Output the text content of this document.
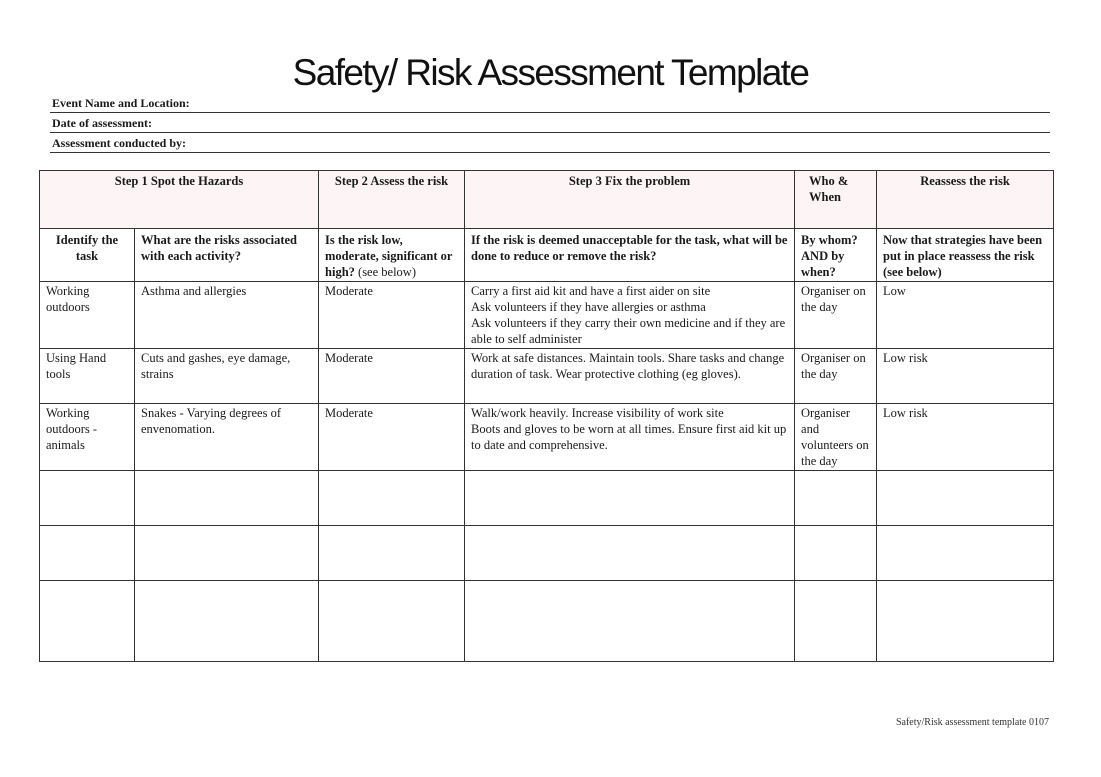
Safety/ Risk Assessment Template
Event Name and Location:
Date of assessment:
Assessment conducted by:
Step 1 Spot the Hazards		Step 2 Assess the risk	Step 3 Fix the problem	Who & When	Reassess the risk
Identify the task	What are the risks associated with each activity?	Is the risk low, moderate, significant or high? (see below)	If the risk is deemed unacceptable for the task, what will be done to reduce or remove the risk?	By whom? AND by when?	Now that strategies have been put in place reassess the risk (see below)
Working outdoors	Asthma and allergies	Moderate	Carry a first aid kit and have a first aider on site
Ask volunteers if they have allergies or asthma
Ask volunteers if they carry their own medicine and if they are able to self administer	Organiser on the day	Low
Using Hand tools	Cuts and gashes, eye damage, strains	Moderate	Work at safe distances. Maintain tools. Share tasks and change duration of task. Wear protective clothing (eg gloves).	Organiser on the day	Low risk
Working outdoors - animals	Snakes - Varying degrees of envenomation.	Moderate	Walk/work heavily. Increase visibility of work site
Boots and gloves to be worn at all times. Ensure first aid kit up to date and comprehensive.	Organiser and volunteers on the day	Low risk

Safety/Risk assessment template 0107
